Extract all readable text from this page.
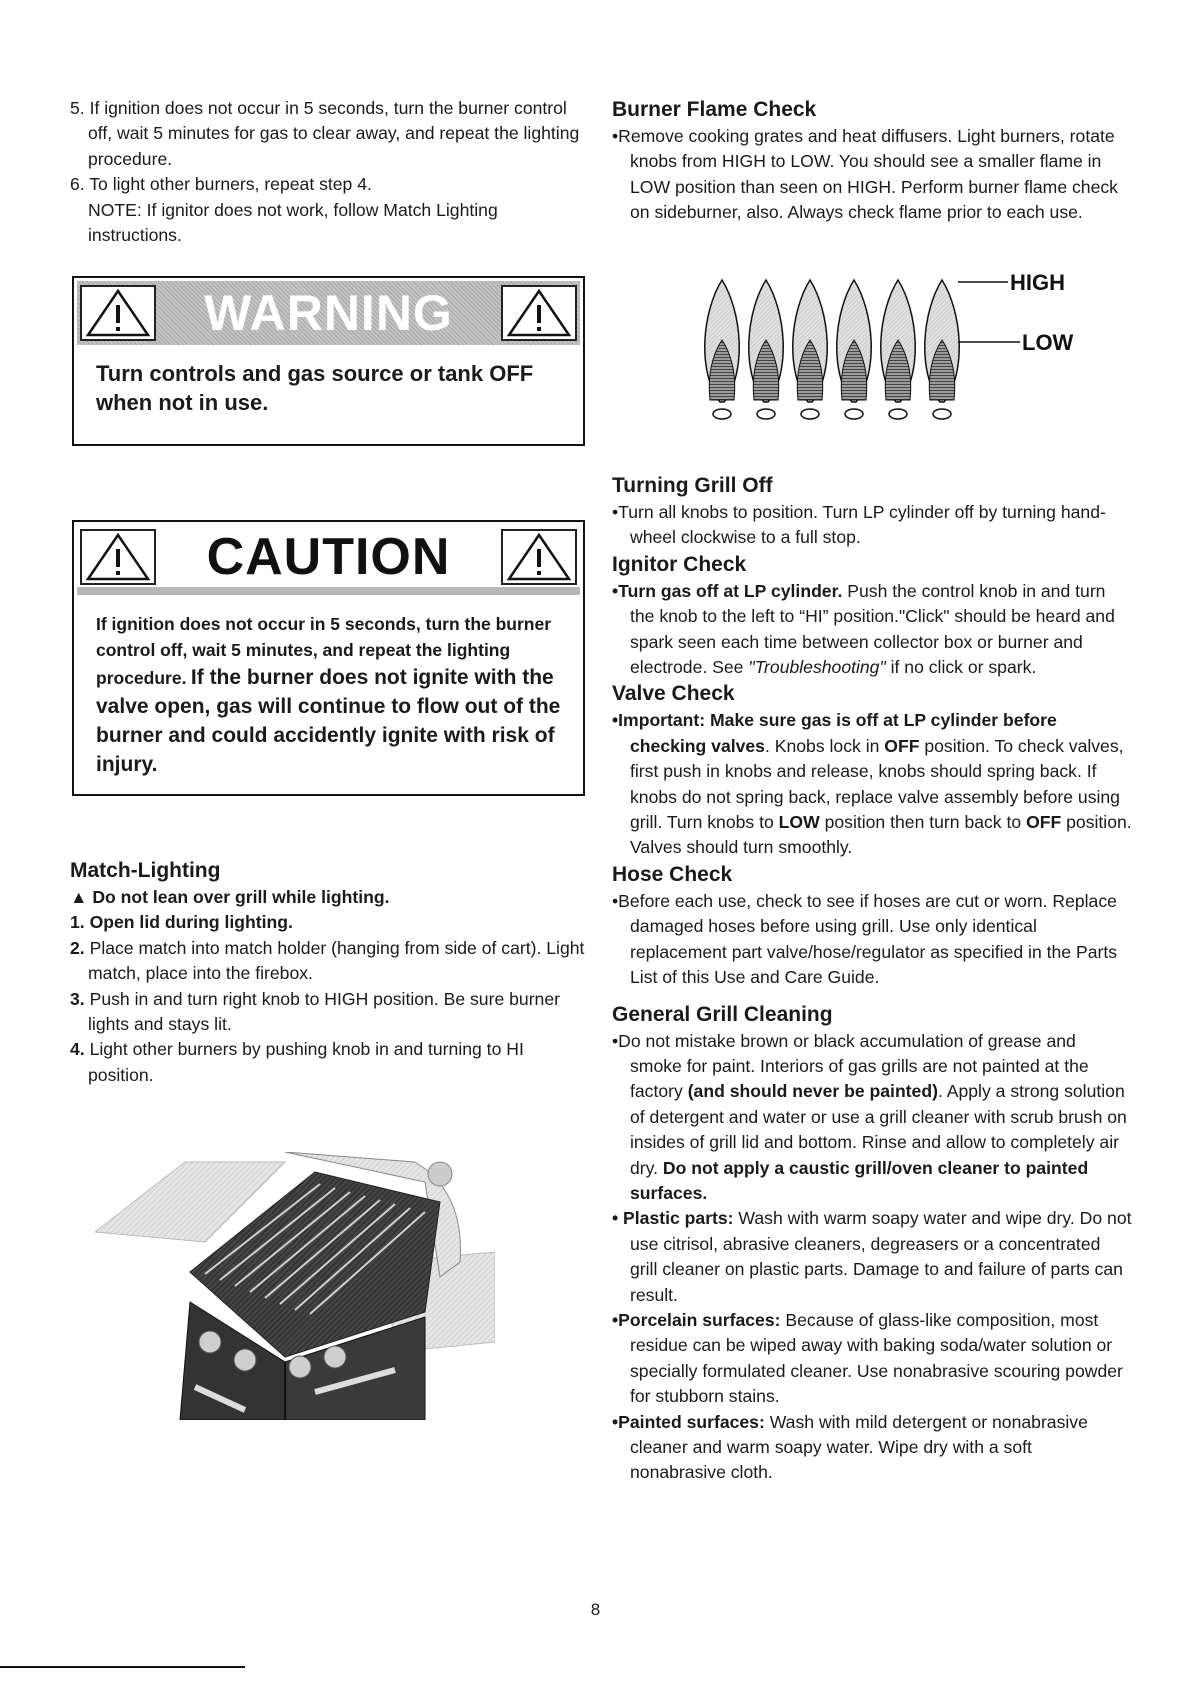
5. If ignition does not occur in 5 seconds, turn the burner control off, wait 5 minutes for gas to clear away, and repeat the lighting procedure.

6. To light other burners, repeat step 4.

NOTE: If ignitor does not work, follow Match Lighting instructions.

WARNING
Turn controls and gas source or tank OFF when not in use.
CAUTION
If ignition does not occur in 5 seconds, turn the burner control off, wait 5 minutes, and repeat the lighting procedure. If the burner does not ignite with the valve open, gas will continue to flow out of the burner and could accidently ignite with risk of injury.
Match-Lighting

▲ Do not lean over grill while lighting.

1. Open lid during lighting.

2. Place match into match holder (hanging from side of cart). Light match, place into the firebox.

3. Push in and turn right knob to HIGH position. Be sure burner lights and stays lit.

4. Light other burners by pushing knob in and turning to HI position.

Burner Flame Check

•Remove cooking grates and heat diffusers. Light burners, rotate knobs from HIGH to LOW. You should see a smaller flame in LOW position than seen on HIGH. Perform burner flame check on sideburner, also. Always check flame prior to each use.

HIGH
LOW
Turning Grill Off

•Turn all knobs to position. Turn LP cylinder off by turning hand-wheel clockwise to a full stop.

Ignitor Check

•Turn gas off at LP cylinder. Push the control knob in and turn the knob to the left to “HI” position."Click" should be heard and spark seen each time between collector box or burner and electrode. See "Troubleshooting" if no click or spark.

Valve Check

•Important: Make sure gas is off at LP cylinder before checking valves. Knobs lock in OFF position. To check valves, first push in knobs and release, knobs should spring back. If knobs do not spring back, replace valve assembly before using grill. Turn knobs to LOW position then turn back to OFF position. Valves should turn smoothly.

Hose Check

•Before each use, check to see if hoses are cut or worn. Replace damaged hoses before using grill. Use only identical replacement part valve/hose/regulator as specified in the Parts List of this Use and Care Guide.

General Grill Cleaning

•Do not mistake brown or black accumulation of grease and smoke for paint. Interiors of gas grills are not painted at the factory (and should never be painted). Apply a strong solution of detergent and water or use a grill cleaner with scrub brush on insides of grill lid and bottom. Rinse and allow to completely air dry. Do not apply a caustic grill/oven cleaner to painted surfaces.

• Plastic parts: Wash with warm soapy water and wipe dry. Do not use citrisol, abrasive cleaners, degreasers or a concentrated grill cleaner on plastic parts. Damage to and failure of parts can result.

•Porcelain surfaces: Because of glass-like composition, most residue can be wiped away with baking soda/water solution or specially formulated cleaner. Use nonabrasive scouring powder for stubborn stains.

•Painted surfaces: Wash with mild detergent or nonabrasive cleaner and warm soapy water. Wipe dry with a soft nonabrasive cloth.

8
